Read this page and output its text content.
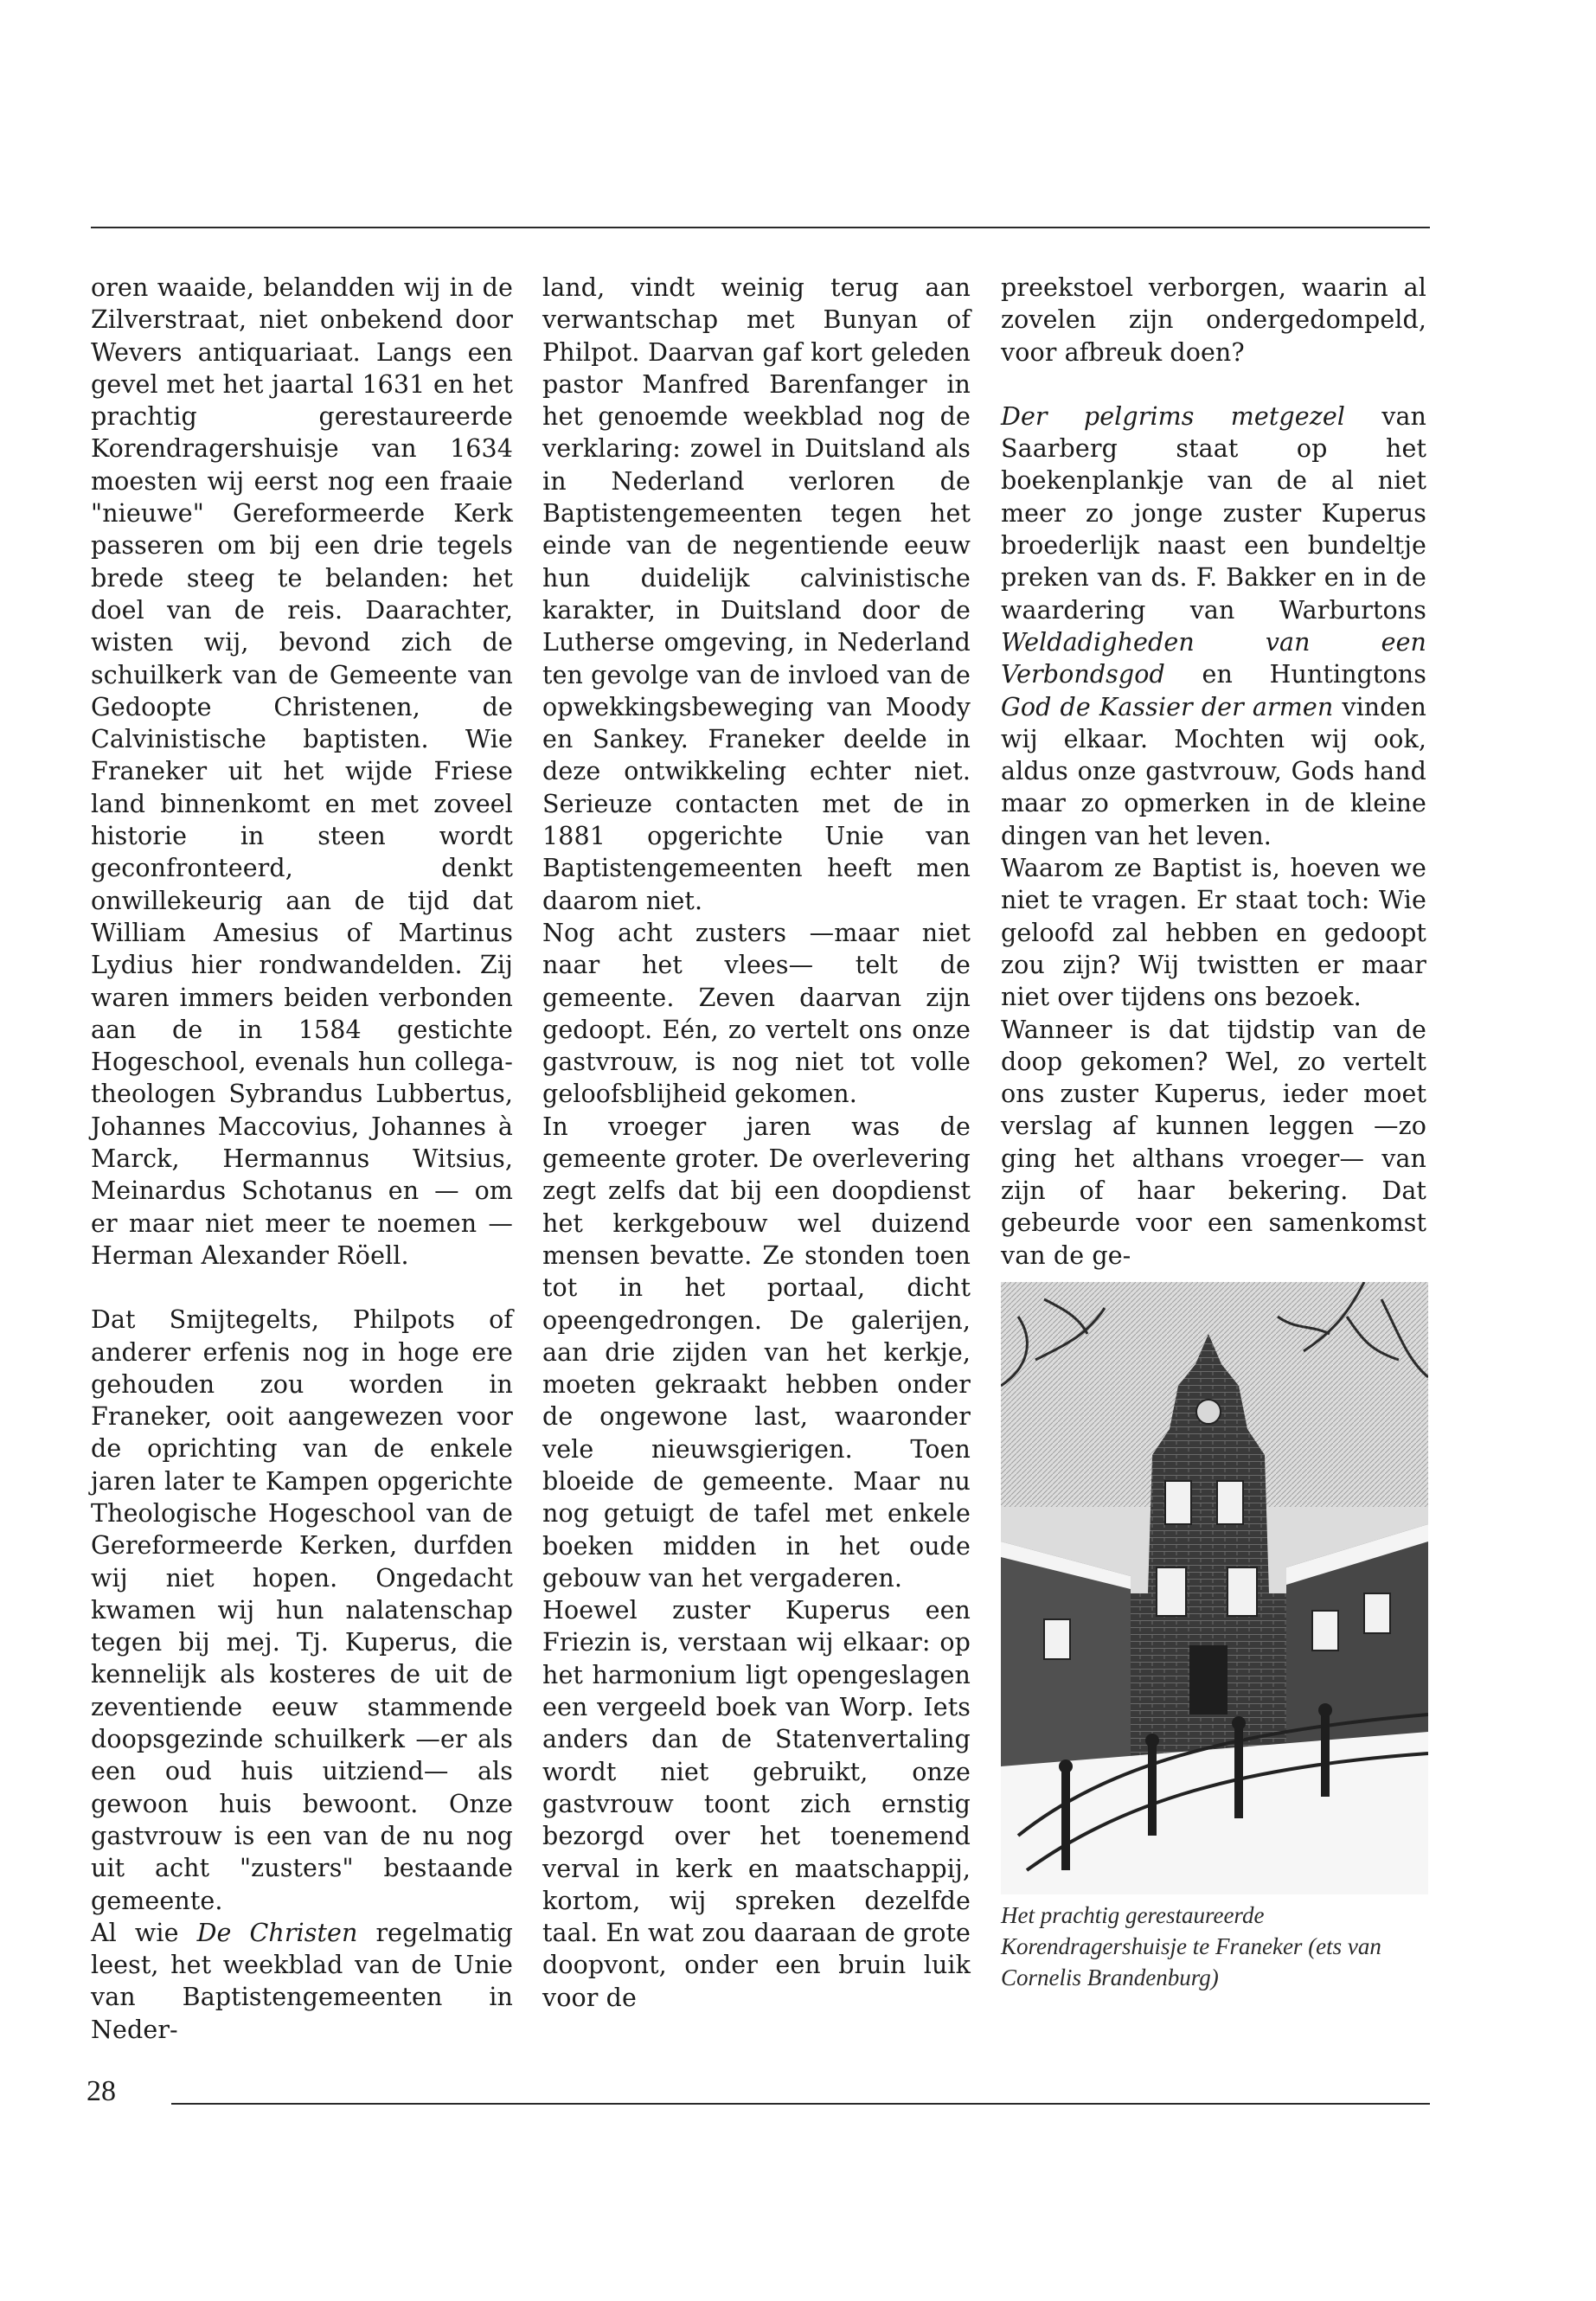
oren waaide, belandden wij in de Zilverstraat, niet onbekend door Wevers antiquariaat. Langs een gevel met het jaartal 1631 en het prachtig gerestaureerde Korendragershuisje van 1634 moesten wij eerst nog een fraaie "nieuwe" Gereformeerde Kerk passeren om bij een drie tegels brede steeg te belanden: het doel van de reis. Daarachter, wisten wij, bevond zich de schuilkerk van de Gemeente van Gedoopte Christenen, de Calvinistische baptisten. Wie Franeker uit het wijde Friese land binnenkomt en met zoveel historie in steen wordt geconfronteerd, denkt onwillekeurig aan de tijd dat William Amesius of Martinus Lydius hier rondwandelden. Zij waren immers beiden verbonden aan de in 1584 gestichte Hogeschool, evenals hun collega-theologen Sybrandus Lubbertus, Johannes Maccovius, Johannes à Marck, Hermannus Witsius, Meinardus Schotanus en — om er maar niet meer te noemen — Herman Alexander Röell.

Dat Smijtegelts, Philpots of anderer erfenis nog in hoge ere gehouden zou worden in Franeker, ooit aangewezen voor de oprichting van de enkele jaren later te Kampen opgerichte Theologische Hogeschool van de Gereformeerde Kerken, durfden wij niet hopen. Ongedacht kwamen wij hun nalatenschap tegen bij mej. Tj. Kuperus, die kennelijk als kosteres de uit de zeventiende eeuw stammende doopsgezinde schuilkerk —er als een oud huis uitziend— als gewoon huis bewoont. Onze gastvrouw is een van de nu nog uit acht "zusters" bestaande gemeente.

Al wie De Christen regelmatig leest, het weekblad van de Unie van Baptistengemeenten in Neder-

land, vindt weinig terug aan verwantschap met Bunyan of Philpot. Daarvan gaf kort geleden pastor Manfred Barenfanger in het genoemde weekblad nog de verklaring: zowel in Duitsland als in Nederland verloren de Baptistengemeenten tegen het einde van de negentiende eeuw hun duidelijk calvinistische karakter, in Duitsland door de Lutherse omgeving, in Nederland ten gevolge van de invloed van de opwekkingsbeweging van Moody en Sankey. Franeker deelde in deze ontwikkeling echter niet. Serieuze contacten met de in 1881 opgerichte Unie van Baptistengemeenten heeft men daarom niet.

Nog acht zusters —maar niet naar het vlees— telt de gemeente. Zeven daarvan zijn gedoopt. Eén, zo vertelt ons onze gastvrouw, is nog niet tot volle geloofsblijheid gekomen.

In vroeger jaren was de gemeente groter. De overlevering zegt zelfs dat bij een doopdienst het kerkgebouw wel duizend mensen bevatte. Ze stonden toen tot in het portaal, dicht opeengedrongen. De galerijen, aan drie zijden van het kerkje, moeten gekraakt hebben onder de ongewone last, waaronder vele nieuwsgierigen. Toen bloeide de gemeente. Maar nu nog getuigt de tafel met enkele boeken midden in het oude gebouw van het vergaderen.

Hoewel zuster Kuperus een Friezin is, verstaan wij elkaar: op het harmonium ligt opengeslagen een vergeeld boek van Worp. Iets anders dan de Statenvertaling wordt niet gebruikt, onze gastvrouw toont zich ernstig bezorgd over het toenemend verval in kerk en maatschappij, kortom, wij spreken dezelfde taal. En wat zou daaraan de grote doopvont, onder een bruin luik voor de

preekstoel verborgen, waarin al zovelen zijn ondergedompeld, voor afbreuk doen?

Der pelgrims metgezel van Saarberg staat op het boekenplankje van de al niet meer zo jonge zuster Kuperus broederlijk naast een bundeltje preken van ds. F. Bakker en in de waardering van Warburtons Weldadigheden van een Verbondsgod en Huntingtons God de Kassier der armen vinden wij elkaar. Mochten wij ook, aldus onze gastvrouw, Gods hand maar zo opmerken in de kleine dingen van het leven.

Waarom ze Baptist is, hoeven we niet te vragen. Er staat toch: Wie geloofd zal hebben en gedoopt zou zijn? Wij twistten er maar niet over tijdens ons bezoek.

Wanneer is dat tijdstip van de doop gekomen? Wel, zo vertelt ons zuster Kuperus, ieder moet verslag af kunnen leggen —zo ging het althans vroeger— van zijn of haar bekering. Dat gebeurde voor een samenkomst van de ge-

Het prachtig gerestaureerde Korendragershuisje te Franeker (ets van Cornelis Brandenburg)
28
